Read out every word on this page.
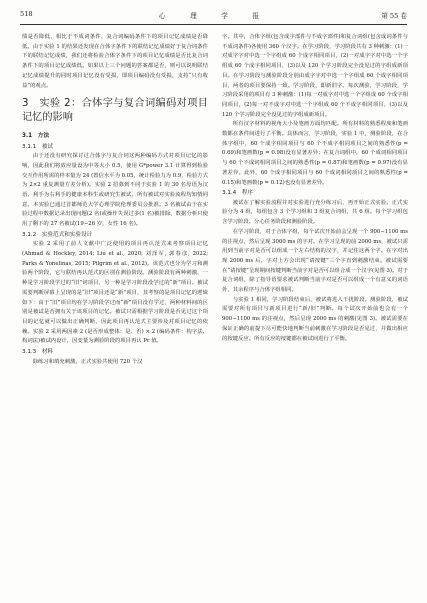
518	心　理　学　报	第 55 卷

绩是否降低，相比于不成词条件，复合词编码条件下的项目记忆成绩是否降低。由于实验 1 的结果还发现在合体字条件下的联结记忆成绩好于复合词条件下的联结记忆成绩，我们还将检验合体字条件下的项目记忆成绩是否比复合词条件下的项目记忆成绩低。如果以上三个问题的答案都是否，则可以说明联结记忆成绩提升的同时项目记忆没有受损，即项目编码没有受损，支持“只有收益”的观点。

3　实验 2：合体字与复合词编码对项目记忆的影响
3.1　方法
3.1.1　被试

由于还没有研究探讨过合体字与复合词这两种编码方式对项目记忆的影响，因此我们将效应量设为中等大小 0.5，使用 G*power 3.1 计算得到检验交互作用所需的样本量为 24 (置信水平为 0.05，统计检验力为 0.9，检验方式为 2×2 重复测量方差分析)。实验 2 招募到不同于实验 1 的 30 名母语为汉语、利手为右利手的健康本科生或研究生被试，所有被试对实验流程均知情同意。本实验已通过首都师范大学心理学院伦理委员会批准。3 名被试由于在实验过程中数据记录出现问题(2 名)或操作失误过多(1 名)被排除，数据分析只使用了剩下的 27 名被试(19−26 岁，女性 16 名)。

3.1.2　实验范式和实验设计

实验 2 采用了前人文献中广泛使用的项目再认范式来考察项目记忆(Ahmad & Hockley, 2014; Liu et al., 2020; 刘泽军, 郭春彦, 2022; Parks & Yonelinas, 2015; Pilgrim et al., 2012)。该范式也分为学习和测验两个阶段，它与联结再认范式的区别在测验阶段。测验阶段有两种刺激，一种是学习阶段学过的“旧”词项目，另一种是学习阶段没学过的“新”项目。被试需要判断屏幕上呈现的是“旧”项目还是“新”项目，其考察的是项目记忆的逻辑如下：由于“旧”项目均在学习阶段学过而“新”项目没有学过，两种材料间的区别是被试是否拥有关于该项目的记忆。被试只需根据学习阶段是否见过这个项目的记忆就可以做出正确判断，因此项目再认范式主要涉及对项目记忆的依赖。实验 2 采用两因素 2 (是否形成整体：是、否) × 2 (编码条件：构字法、构词法)被试内设计，因变量为测验阶段的项目再认 Pr 值。

3.1.3　材料

除练习和填充刺激，正式实验共使用 720 个汉

字。其中，合体字组(包含成字部件与不成字部件)和复合词组(包含成词条件与不成词条件)各使用 360 个汉字。在学习阶段，学习阶段共有 3 种刺激：(1)一对成字字对中选一个字组成 60 个成字相同项目，(2)一对成字字对中选一个字组成 60 个成字相同项目，(3)以及 120 个学习阶段完全没见过的字组成新项目。在学习阶段与测验阶段分别由成字字对中选一个字组成 60 个成字相同项目，两者的项目要保持一致。学习阶段，即新旧字。每次测验，学习阶段，学习阶段采用的项目有 3 种刺激：(1)每一对成字对中选一个字组成 60 个成字相同项目，(2)每一对不成字对中选一个字组成 60 个不成字相同项目，(3)以及 120 个学习阶段完全没见过的字组成新项目。

所有汉字材料的视角大小及笔画方面均匹配。所有材料的熟悉程度和笔画数都在条件间进行了平衡。具体而言，学习阶段，实验 1 中，测验阶段，在合体字组中，60 个成字相同项目与 60 个不成字相同项目之间的熟悉性(p = 0.69)和笔画数(p = 0.98)没有显著差异；在复合词组中，60 个成词相同项目与 60 个不成词相同项目之间的熟悉性(p = 0.87)和笔画数(p = 0.97)没有显著差异。此外，60 个成字相同项目与 60 个成词相同项目之间的熟悉性(p = 0.15)和笔画数(p = 0.12)也没有显著差异。

3.1.4　程序

被试在了解实验流程并对实验进行充分练习后，再开始正式实验。正式实验分为 4 组，每组包含 3 个学习组和 3 组复合词组，共 6 组。每个学习组包含学习阶段、分心任务阶段和测验阶段。

在学习阶段，对于合体字组，每个试次开始前会呈现一个 900−1100 ms 的注视点，然后呈现 3000 ms 的字对。在学习呈现的前 2000 ms，被试只需用到当前字对是否可以组成一个左右结构的汉字，并记住这两个字。在字对出现 2000 ms 后，字对上方会出现“请按键”三个字直到刺激结束。被试需要在“请按键”呈现期间按键判断当前字对是否可以组合成一个汉字(见图 3)。对于复合词组，除了指导语要求被试判断当前字对是否可以组成一个有意义的词语外，其余程序与合体字组相同。

与实验 1 相同，学习阶段结束后，被试将进入干扰阶段。测验阶段，被试需要对所有项目与新项目进行“新/旧”判断。每个试次开始前也会有一个 900−1100 ms 的注视点，然后呈现 2000 ms 的刺激(见图 3)。被试需要在保证正确的前提下尽可能快地判断当前刺激在学习阶段是否见过，并做出相应的按键反应。所有反应的按键都在被试间进行了平衡。
